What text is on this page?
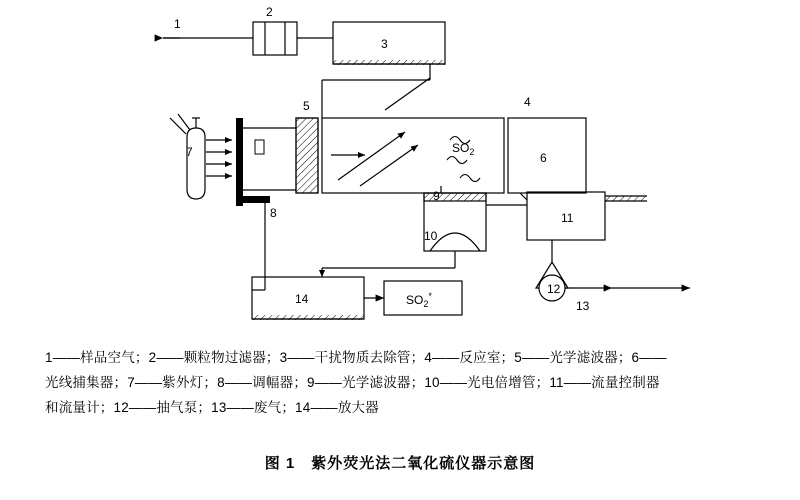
1
2
3
4
5
6
7
8
9
10
11
12
13
14
$SO_2$
$SO_2^*$
1——样品空气；2——颗粒物过滤器；3——干扰物质去除管；4——反应室；5——光学滤波器；6——
光线捕集器；7——紫外灯；8——调幅器；9——光学滤波器；10——光电倍增管；11——流量控制器
和流量计；12——抽气泵；13——废气；14——放大器
图 1　紫外荧光法二氧化硫仪器示意图
